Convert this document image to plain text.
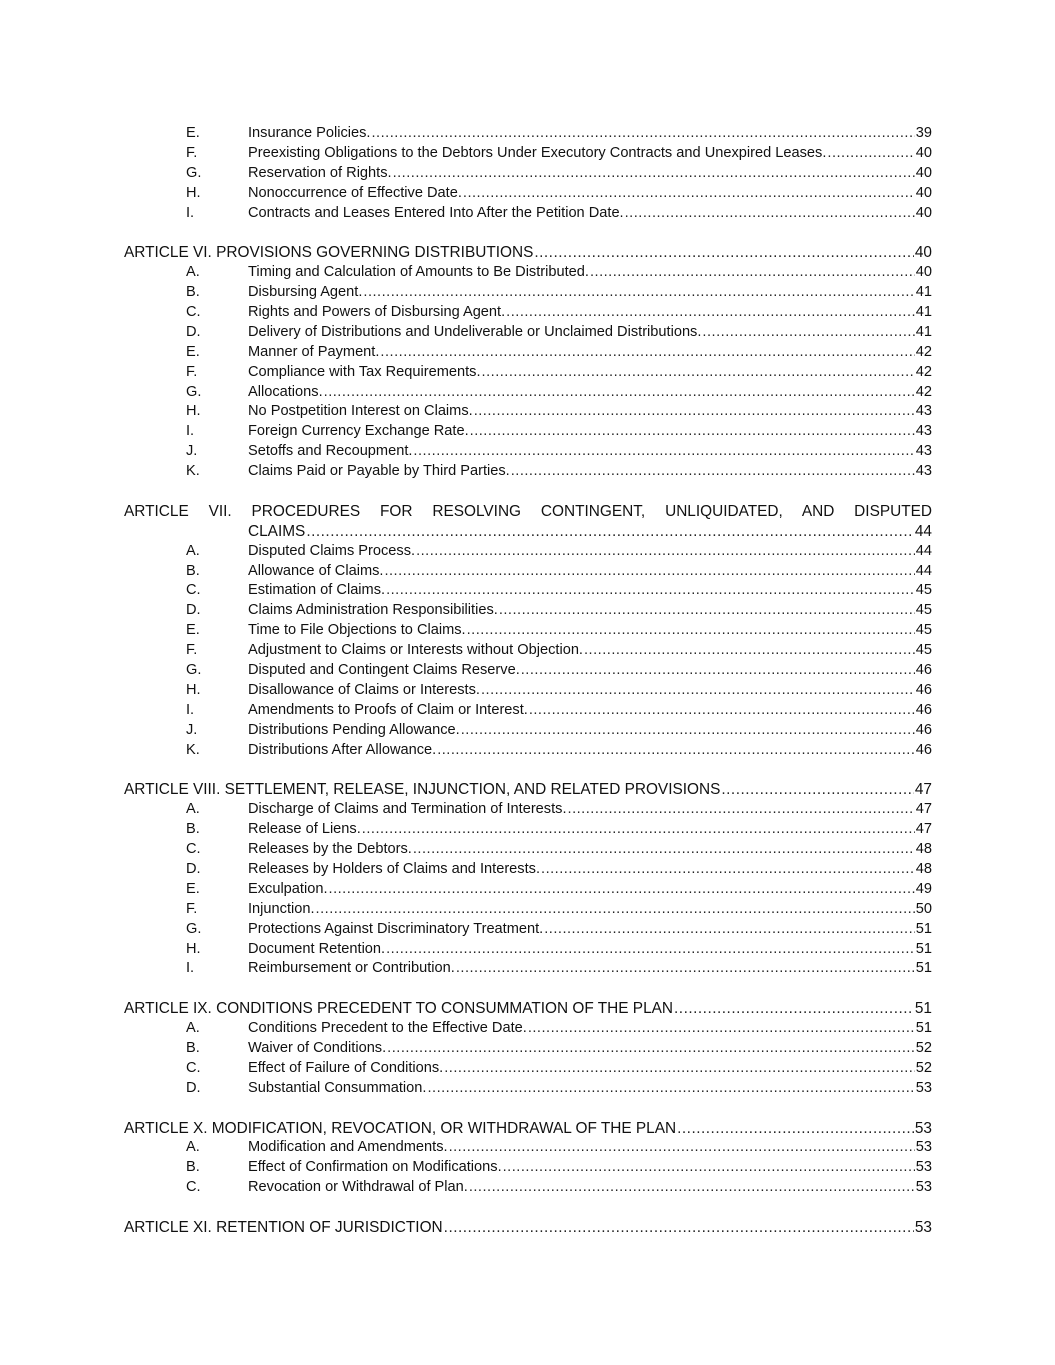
E.	Insurance Policies. .....	39
F.	Preexisting Obligations to the Debtors Under Executory Contracts and Unexpired Leases. .....	40
G.	Reservation of Rights. .....	40
H.	Nonoccurrence of Effective Date. .....	40
I.	Contracts and Leases Entered Into After the Petition Date. .....	40
ARTICLE VI. PROVISIONS GOVERNING DISTRIBUTIONS .....	40
A.	Timing and Calculation of Amounts to Be Distributed. .....	40
B.	Disbursing Agent. .....	41
C.	Rights and Powers of Disbursing Agent. .....	41
D.	Delivery of Distributions and Undeliverable or Unclaimed Distributions. .....	41
E.	Manner of Payment. .....	42
F.	Compliance with Tax Requirements. .....	42
G.	Allocations. .....	42
H.	No Postpetition Interest on Claims. .....	43
I.	Foreign Currency Exchange Rate. .....	43
J.	Setoffs and Recoupment. .....	43
K.	Claims Paid or Payable by Third Parties. .....	43
ARTICLE VII. PROCEDURES FOR RESOLVING CONTINGENT, UNLIQUIDATED, AND DISPUTED
CLAIMS .....	44
A.	Disputed Claims Process. .....	44
B.	Allowance of Claims. .....	44
C.	Estimation of Claims. .....	45
D.	Claims Administration Responsibilities. .....	45
E.	Time to File Objections to Claims. .....	45
F.	Adjustment to Claims or Interests without Objection. .....	45
G.	Disputed and Contingent Claims Reserve. .....	46
H.	Disallowance of Claims or Interests. .....	46
I.	Amendments to Proofs of Claim or Interest. .....	46
J.	Distributions Pending Allowance. .....	46
K.	Distributions After Allowance. .....	46
ARTICLE VIII. SETTLEMENT, RELEASE, INJUNCTION, AND RELATED PROVISIONS .....	47
A.	Discharge of Claims and Termination of Interests. .....	47
B.	Release of Liens. .....	47
C.	Releases by the Debtors. .....	48
D.	Releases by Holders of Claims and Interests. .....	48
E.	Exculpation. .....	49
F.	Injunction. .....	50
G.	Protections Against Discriminatory Treatment. .....	51
H.	Document Retention. .....	51
I.	Reimbursement or Contribution. .....	51
ARTICLE IX. CONDITIONS PRECEDENT TO CONSUMMATION OF THE PLAN .....	51
A.	Conditions Precedent to the Effective Date. .....	51
B.	Waiver of Conditions. .....	52
C.	Effect of Failure of Conditions. .....	52
D.	Substantial Consummation. .....	53
ARTICLE X. MODIFICATION, REVOCATION, OR WITHDRAWAL OF THE PLAN .....	53
A.	Modification and Amendments. .....	53
B.	Effect of Confirmation on Modifications. .....	53
C.	Revocation or Withdrawal of Plan. .....	53
ARTICLE XI. RETENTION OF JURISDICTION .....	53
